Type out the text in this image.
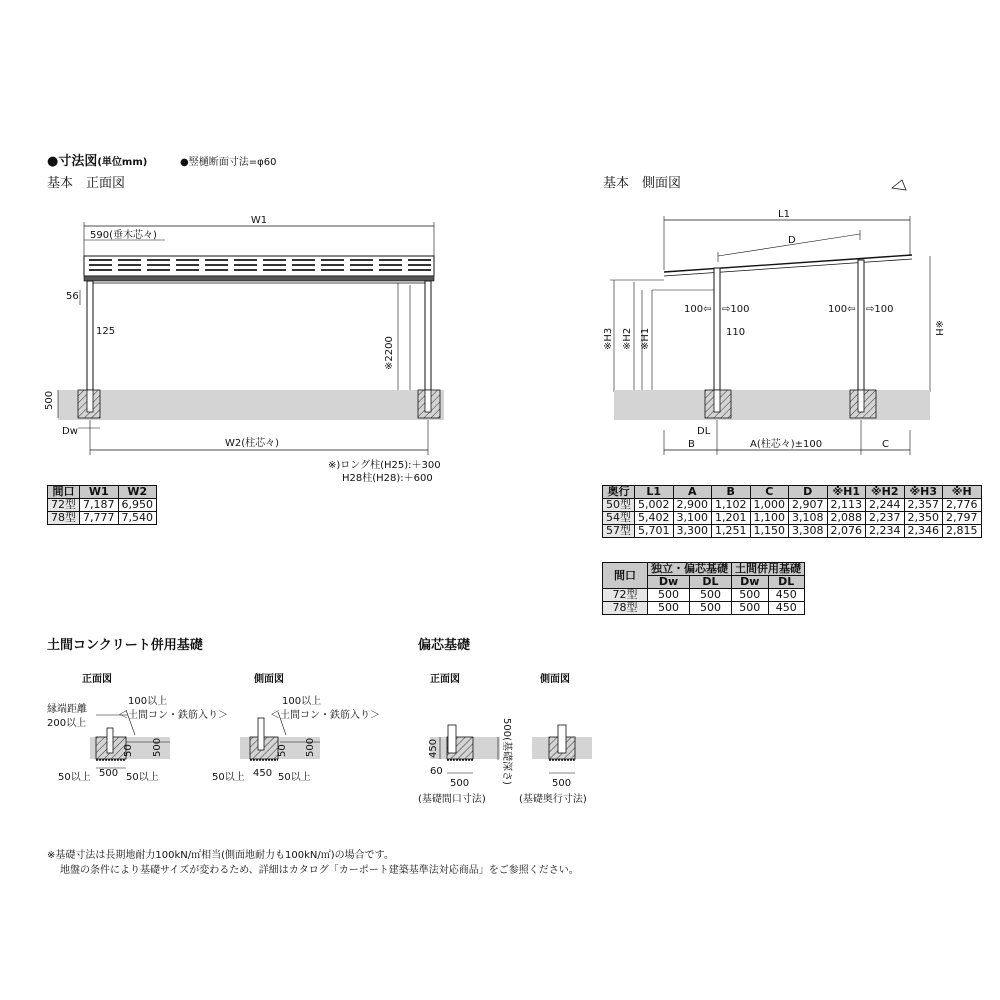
●寸法図(単位mm)	●竪樋断面寸法=φ60
基本　正面図	基本　側面図
W1
590(垂木芯々)
56
125
500
Dw
※2200
W2(柱芯々)
L1
D
※H3 ※H2 ※H1	※H
100⇦ ⇨100	100⇦ ⇨100
110
DL
B	A(柱芯々)±100	C
50 500	50 500	450
60
500	500(基礎深さ)	500
※)ロング柱(H25):＋300
H28柱(H28):＋600
間口	W1	W2
72型	7,187	6,950
78型	7,777	7,540
奥行	L1	A	B	C	D	※H1	※H2	※H3	※H
50型	5,002	2,900	1,102	1,000	2,907	2,113	2,244	2,357	2,776
54型	5,402	3,100	1,201	1,100	3,108	2,088	2,237	2,350	2,797
57型	5,701	3,300	1,251	1,150	3,308	2,076	2,234	2,346	2,815
間口	独立・偏芯基礎		土間併用基礎	
	Dw	DL	Dw	DL
72型	500	500	500	450
78型	500	500	500	450
土間コンクリート併用基礎
正面図	側面図
縁端距離
200以上
100以上
＜土間コン・鉄筋入り＞
100以上
＜土間コン・鉄筋入り＞
50以上 500 50以上	50以上 450 50以上
偏芯基礎
正面図	側面図
(基礎間口寸法)	(基礎奥行寸法)
※基礎寸法は長期地耐力100kN/㎡相当(側面地耐力も100kN/㎡)の場合です。
地盤の条件により基礎サイズが変わるため、詳細はカタログ「カーポート建築基準法対応商品」をご参照ください。
